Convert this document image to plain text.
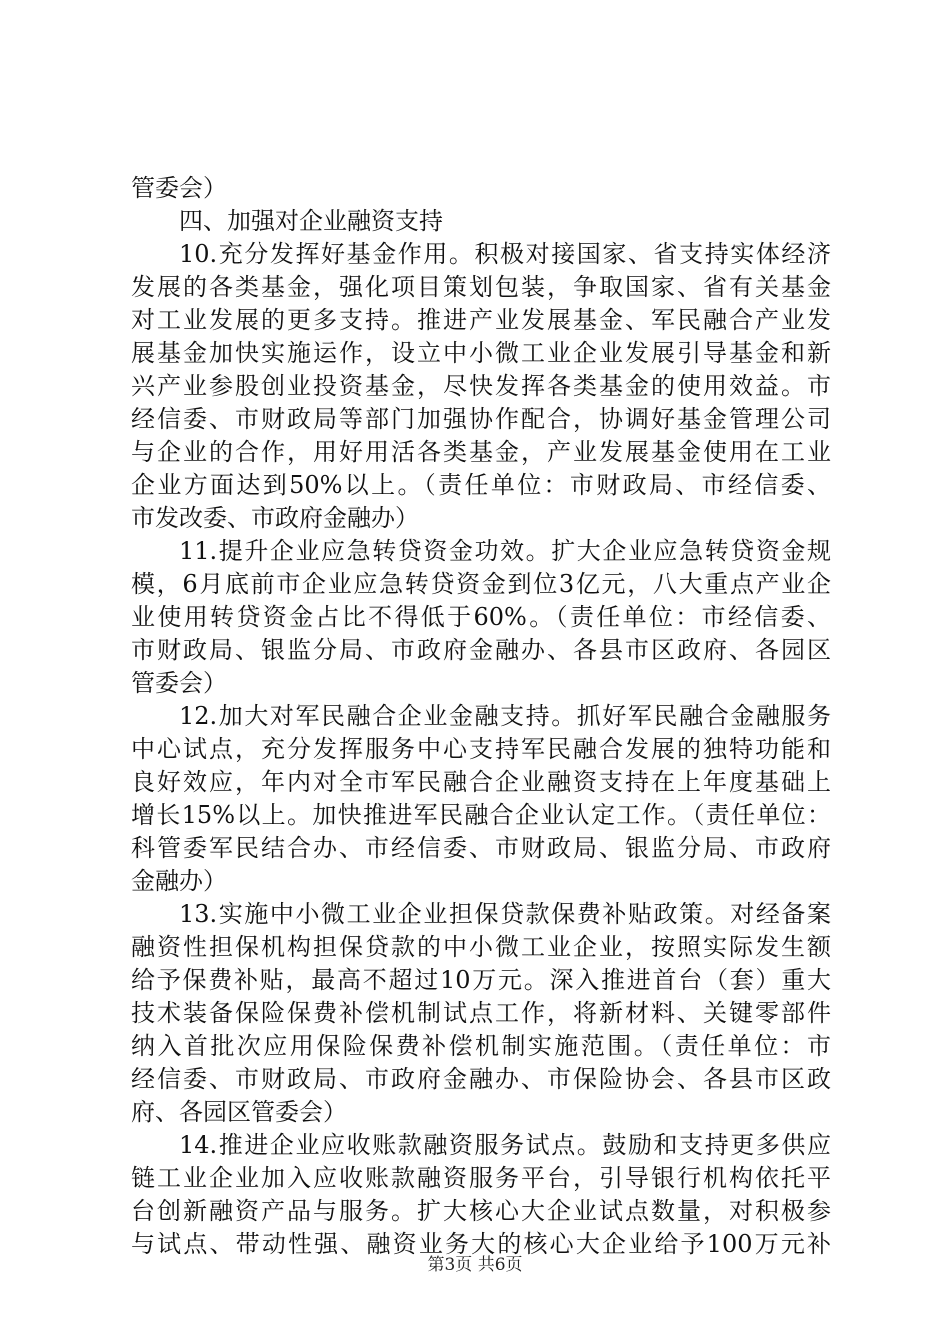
管委会）
四、加强对企业融资支持
10.充分发挥好基金作用。积极对接国家、省支持实体经济
发展的各类基金，强化项目策划包装，争取国家、省有关基金
对工业发展的更多支持。推进产业发展基金、军民融合产业发
展基金加快实施运作，设立中小微工业企业发展引导基金和新
兴产业参股创业投资基金，尽快发挥各类基金的使用效益。市
经信委、市财政局等部门加强协作配合，协调好基金管理公司
与企业的合作，用好用活各类基金，产业发展基金使用在工业
企业方面达到50%以上。（责任单位：市财政局、市经信委、
市发改委、市政府金融办）
11.提升企业应急转贷资金功效。扩大企业应急转贷资金规
模，6月底前市企业应急转贷资金到位3亿元，八大重点产业企
业使用转贷资金占比不得低于60%。（责任单位：市经信委、
市财政局、银监分局、市政府金融办、各县市区政府、各园区
管委会）
12.加大对军民融合企业金融支持。抓好军民融合金融服务
中心试点，充分发挥服务中心支持军民融合发展的独特功能和
良好效应，年内对全市军民融合企业融资支持在上年度基础上
增长15%以上。加快推进军民融合企业认定工作。（责任单位：
科管委军民结合办、市经信委、市财政局、银监分局、市政府
金融办）
13.实施中小微工业企业担保贷款保费补贴政策。对经备案
融资性担保机构担保贷款的中小微工业企业，按照实际发生额
给予保费补贴，最高不超过10万元。深入推进首台（套）重大
技术装备保险保费补偿机制试点工作，将新材料、关键零部件
纳入首批次应用保险保费补偿机制实施范围。（责任单位：市
经信委、市财政局、市政府金融办、市保险协会、各县市区政
府、各园区管委会）
14.推进企业应收账款融资服务试点。鼓励和支持更多供应
链工业企业加入应收账款融资服务平台，引导银行机构依托平
台创新融资产品与服务。扩大核心大企业试点数量，对积极参
与试点、带动性强、融资业务大的核心大企业给予100万元补
第3页 共6页
